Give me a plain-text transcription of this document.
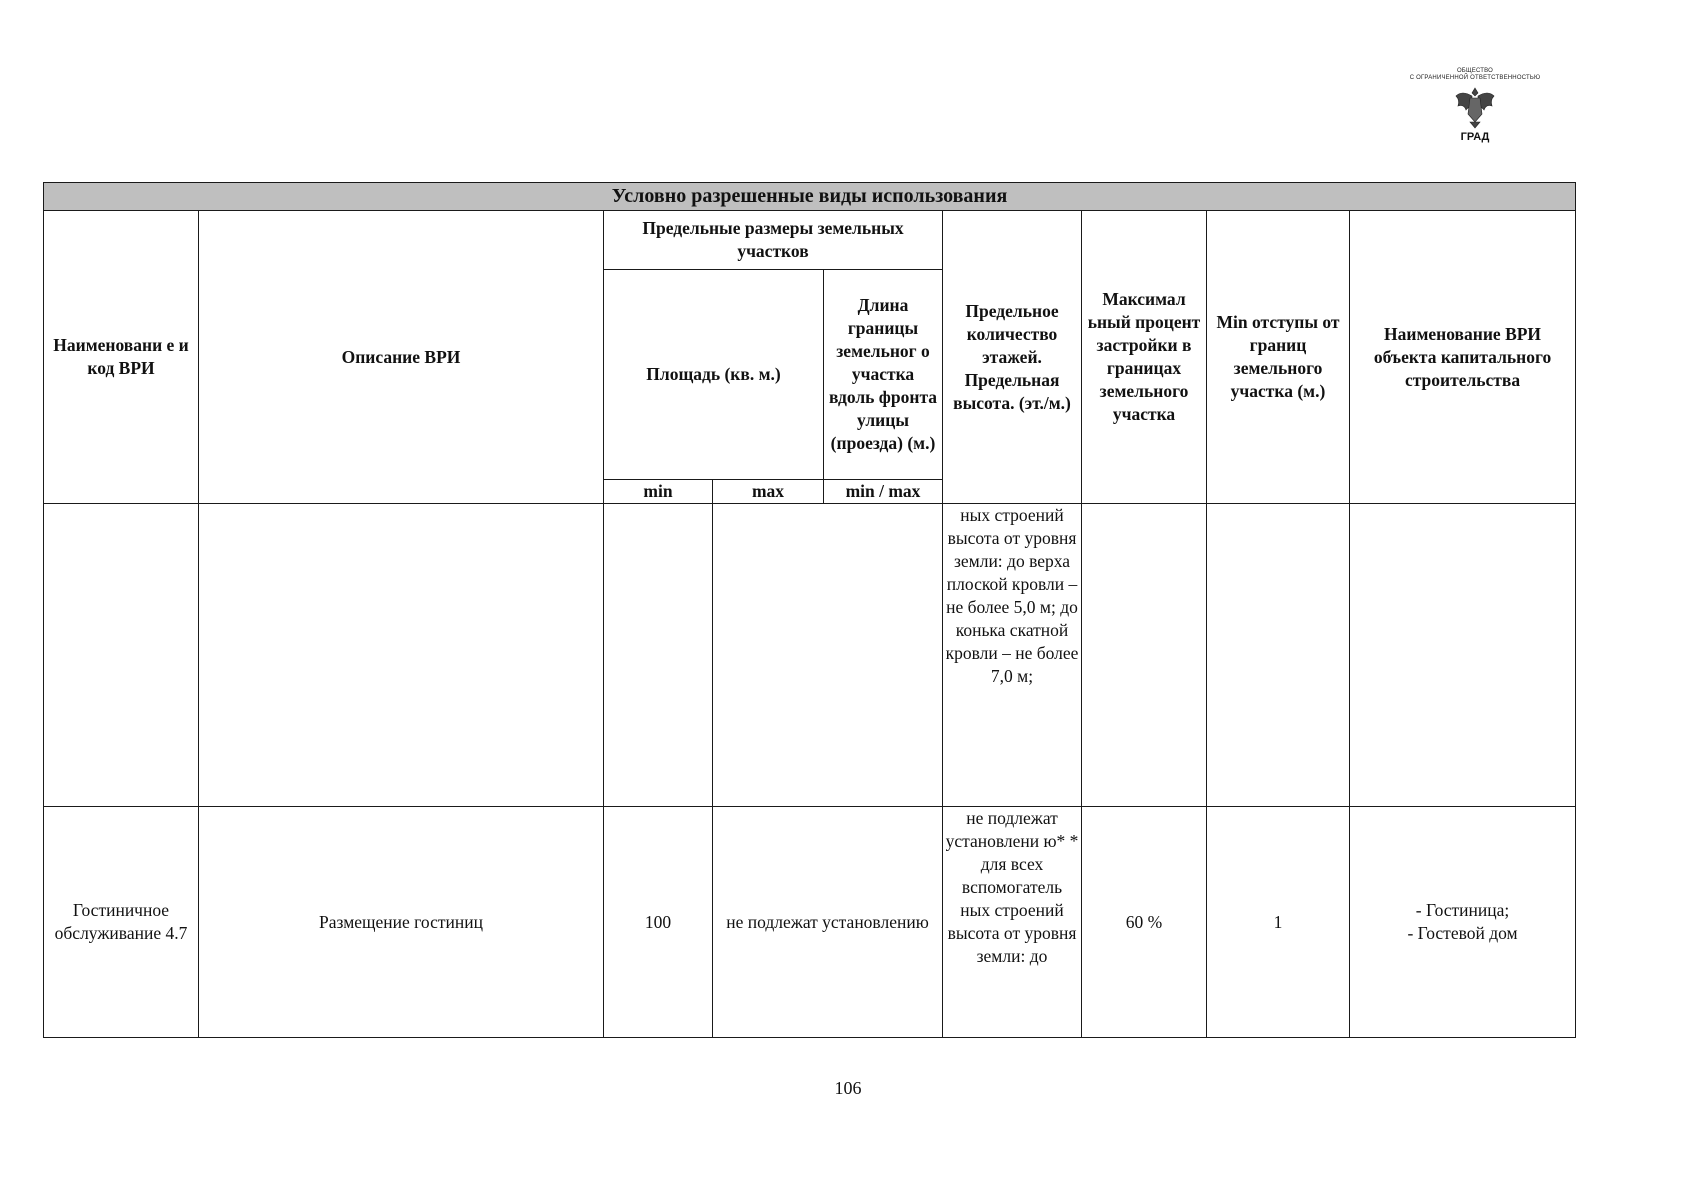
ОБЩЕСТВО
С ОГРАНИЧЕННОЙ ОТВЕТСТВЕННОСТЬЮ
ГРАД
Условно разрешенные виды использования								
Наименовани е и код ВРИ	Описание ВРИ	Предельные размеры земельных участков			Предельное количество этажей. Предельная высота. (эт./м.)	Максимал ьный процент застройки в границах земельного участка	Min отступы от границ земельного участка (м.)	Наименование ВРИ объекта капитального строительства
		Площадь (кв. м.)		Длина границы земельног о участка вдоль фронта улицы (проезда) (м.)				
		min	max	min / max				
					ных строений высота от уровня земли: до верха плоской кровли – не более 5,0 м; до конька скатной кровли – не более 7,0 м;			
Гостиничное обслуживание 4.7	Размещение гостиниц	100	не подлежат установлению		не подлежат установлени ю* * для всех вспомогатель ных строений высота от уровня земли: до	60 %	1	- Гостиница;
- Гостевой дом
106
